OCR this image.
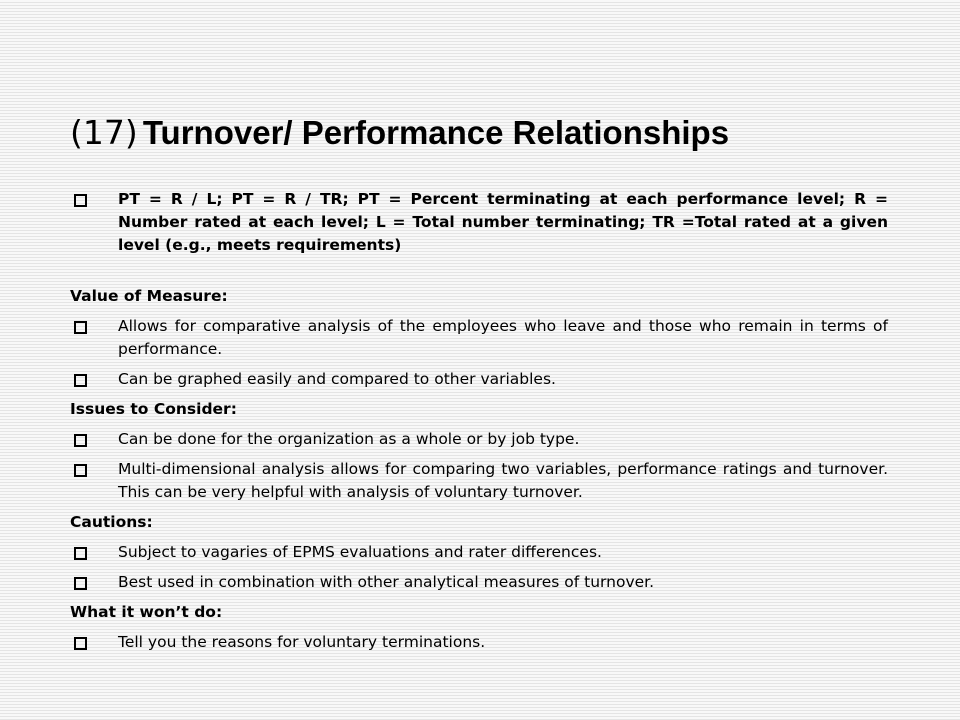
(17) Turnover/ Performance Relationships
PT = R / L; PT = R / TR; PT = Percent terminating at each performance level; R = Number rated at each level; L = Total number terminating; TR =Total rated at a given level (e.g., meets requirements)
Value of Measure:
Allows for comparative analysis of the employees who leave and those who remain in terms of performance.
Can be graphed easily and compared to other variables.
Issues to Consider:
Can be done for the organization as a whole or by job type.
Multi-dimensional analysis allows for comparing two variables, performance ratings and turnover. This can be very helpful with analysis of voluntary turnover.
Cautions:
Subject to vagaries of EPMS evaluations and rater differences.
Best used in combination with other analytical measures of turnover.
What it won’t do:
Tell you the reasons for voluntary terminations.
